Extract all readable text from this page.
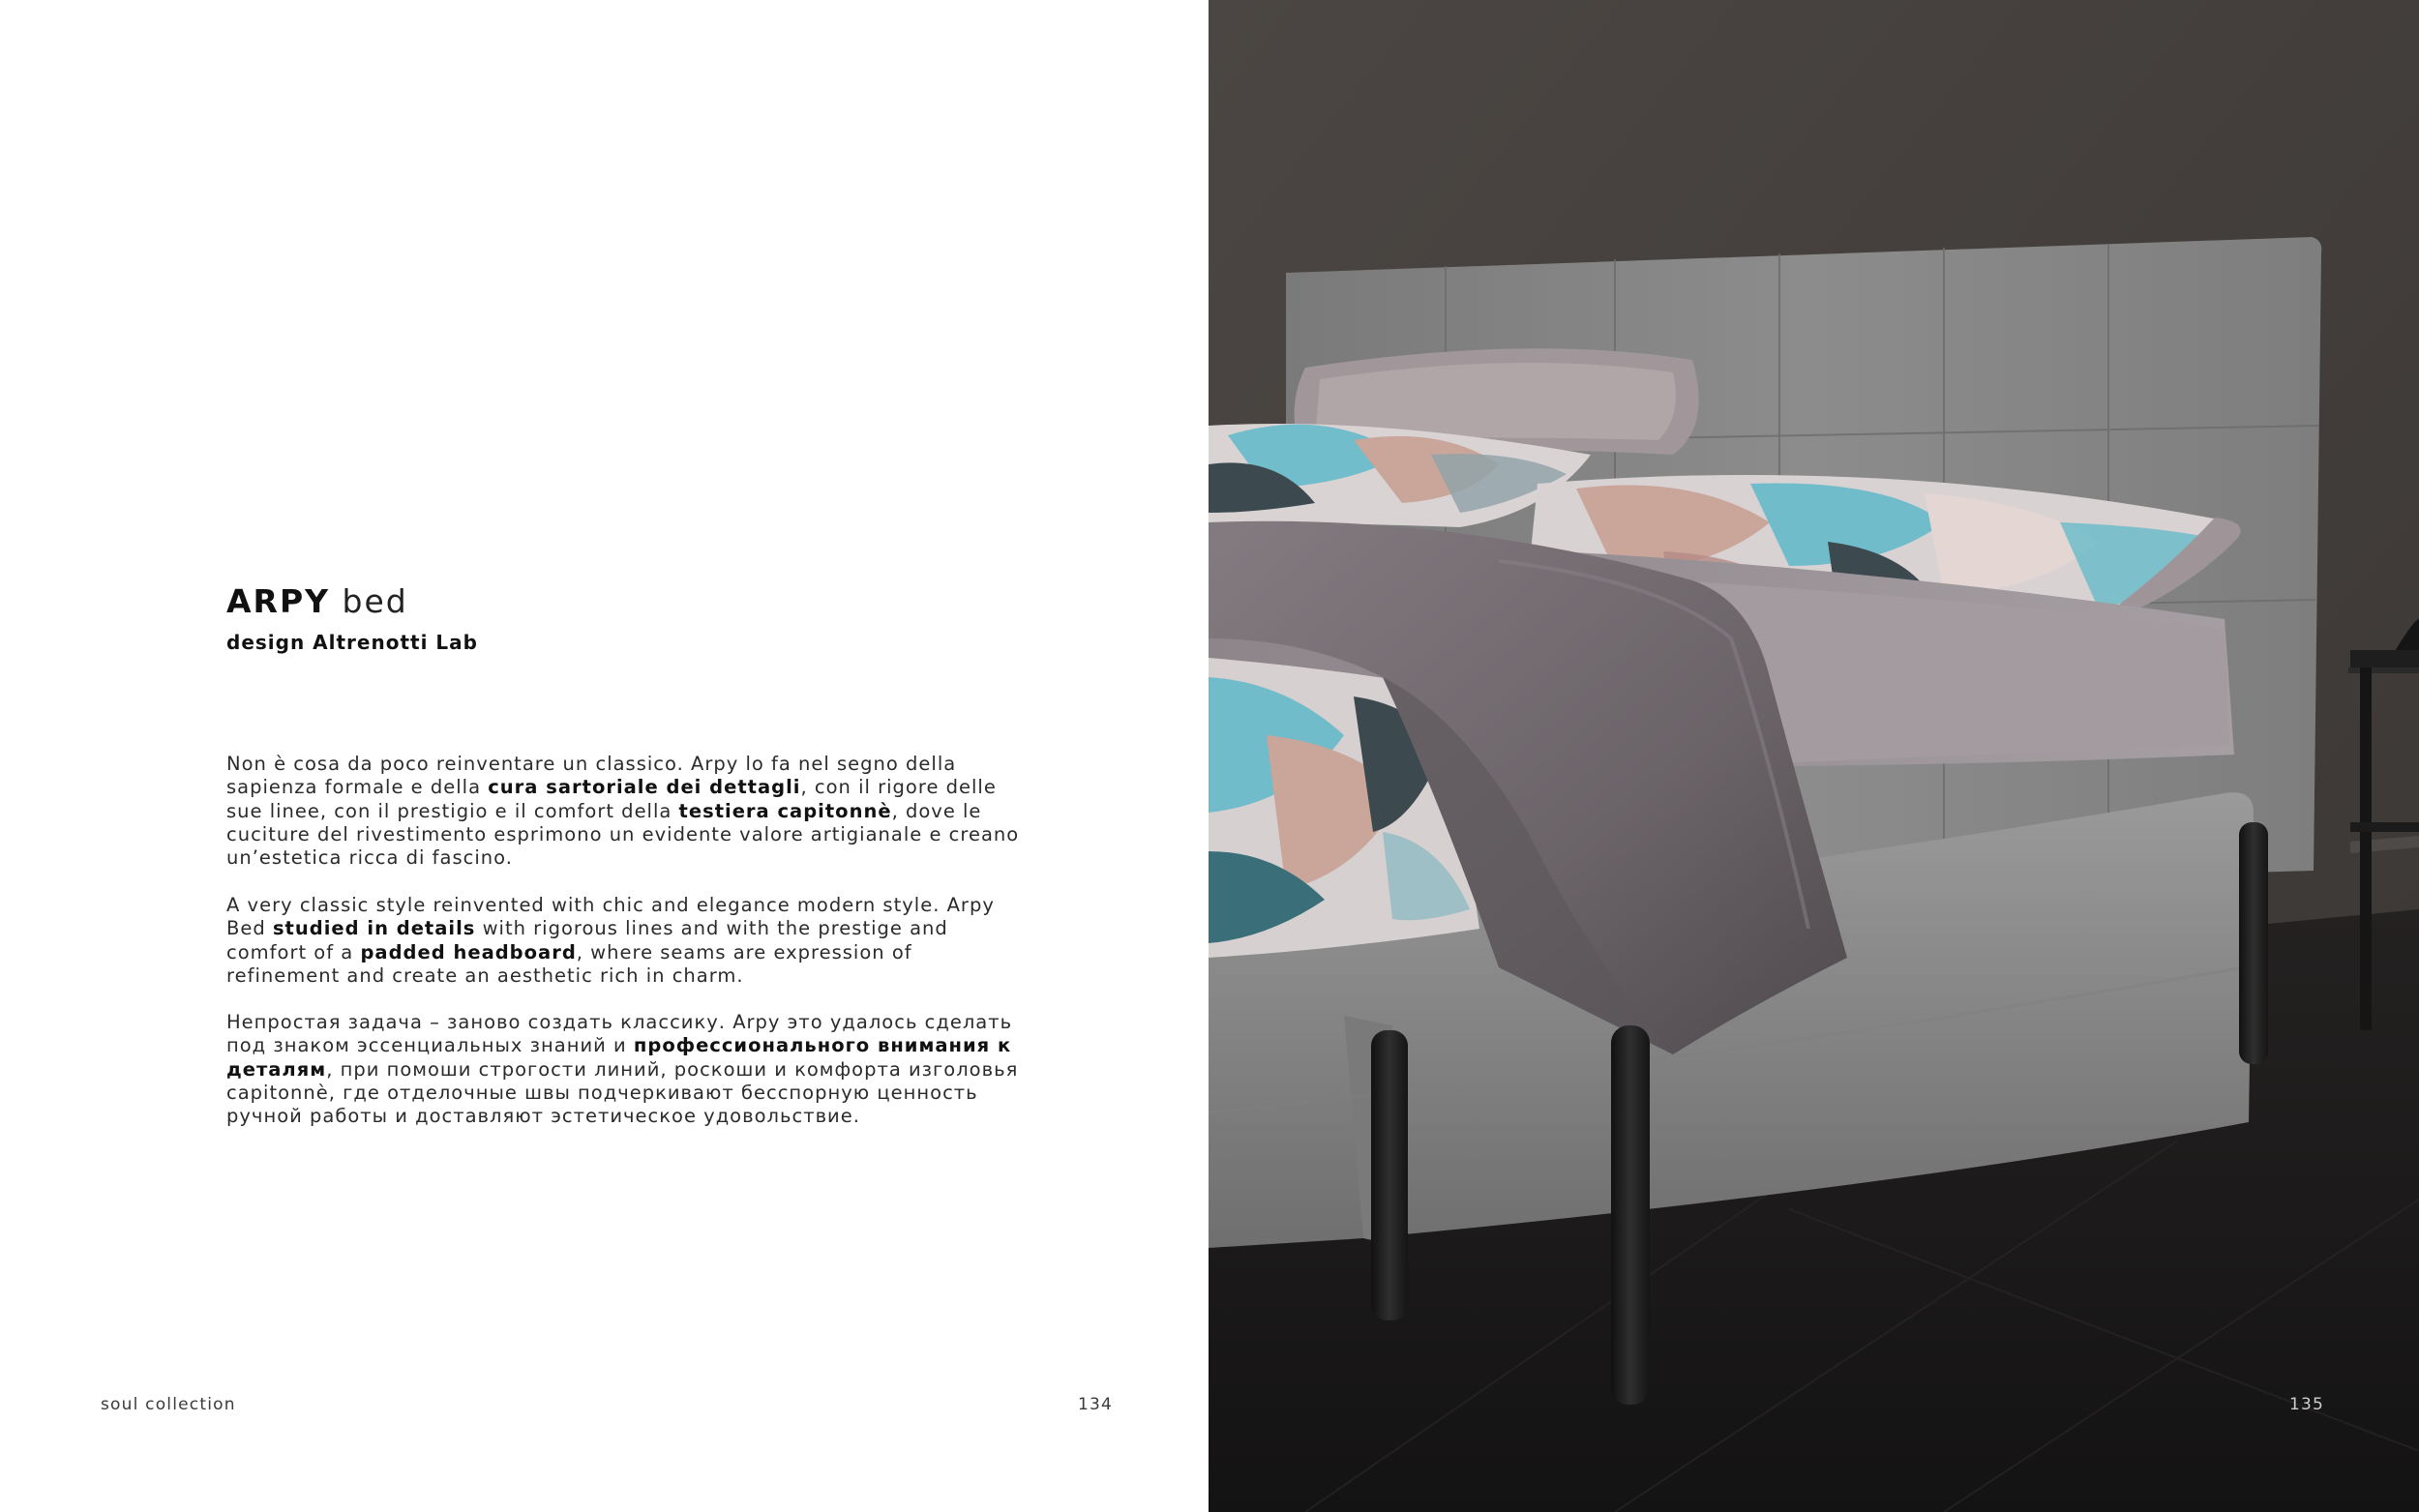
ARPY bed
design Altrenotti Lab

Non è cosa da poco reinventare un classico. Arpy lo fa nel segno della sapienza formale e della cura sartoriale dei dettagli, con il rigore delle sue linee, con il prestigio e il comfort della testiera capitonnè, dove le cuciture del rivestimento esprimono un evidente valore artigianale e creano un’estetica ricca di fascino.

A very classic style reinvented with chic and elegance modern style. Arpy Bed studied in details with rigorous lines and with the prestige and comfort of a padded headboard, where seams are expression of refinement and create an aesthetic rich in charm.

Непростая задача – заново создать классику. Arpy это удалось сделать под знаком эссенциальных знаний и профессионального внимания к деталям, при помоши строгости линий, роскоши и комфорта изголовья capitonnè, где отделочные швы подчеркивают бесспорную ценность ручной работы и доставляют эстетическое удовольствие.

soul collection	134	135
